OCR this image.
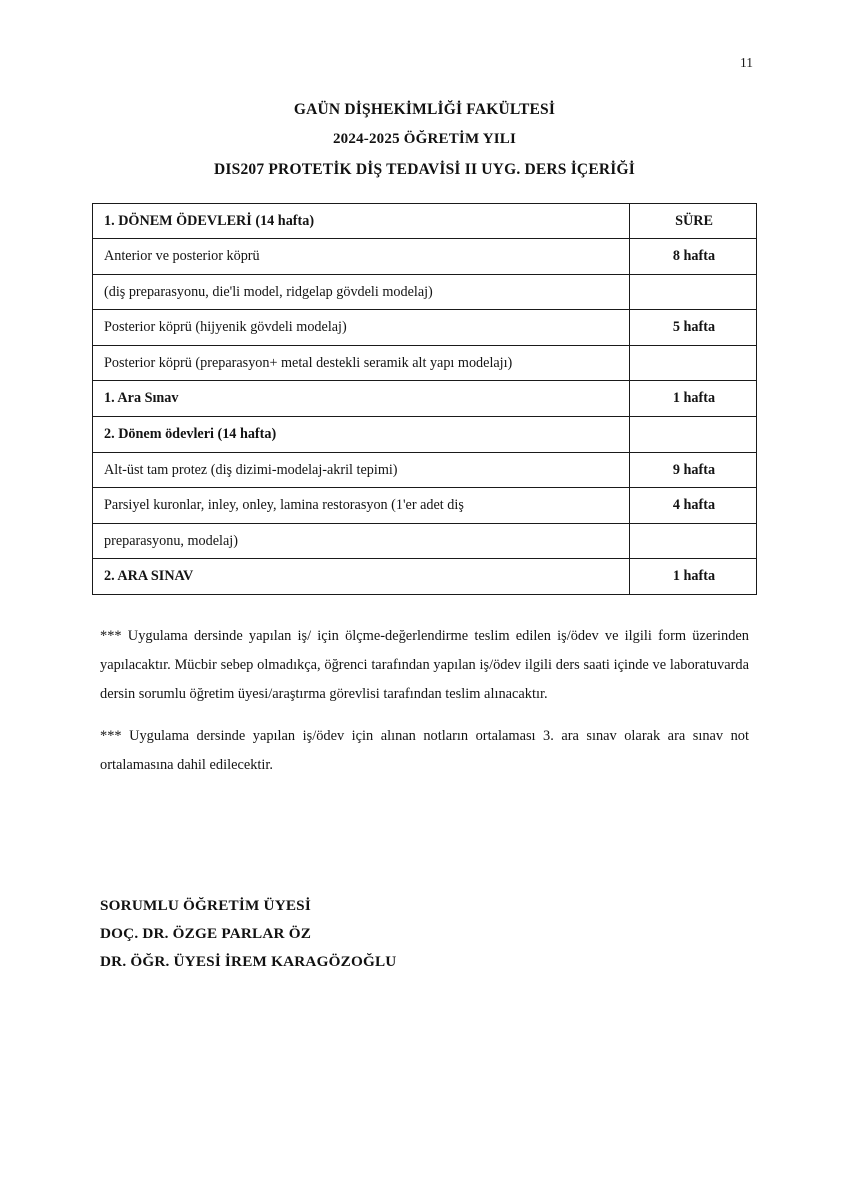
11
GAÜN DİŞHEKİMLİĞİ FAKÜLTESİ
2024-2025 ÖĞRETİM YILI
DIS207 PROTETİK DİŞ TEDAVİSİ II UYG. DERS İÇERİĞİ
1. DÖNEM ÖDEVLERİ (14 hafta)	SÜRE
Anterior ve posterior köprü	8 hafta
(diş preparasyonu, die'li model, ridgelap gövdeli modelaj)	
Posterior köprü (hijyenik gövdeli modelaj)	5 hafta
Posterior köprü (preparasyon+ metal destekli seramik alt yapı modelajı)	
1. Ara Sınav	1 hafta
2. Dönem ödevleri (14 hafta)	
Alt-üst tam protez (diş dizimi-modelaj-akril tepimi)	9 hafta
Parsiyel kuronlar, inley, onley, lamina restorasyon (1'er adet diş	4 hafta
preparasyonu, modelaj)	
2. ARA SINAV	1 hafta

*** Uygulama dersinde yapılan iş/ için ölçme-değerlendirme teslim edilen iş/ödev ve ilgili form üzerinden yapılacaktır. Mücbir sebep olmadıkça, öğrenci tarafından yapılan iş/ödev ilgili ders saati içinde ve laboratuvarda dersin sorumlu öğretim üyesi/araştırma görevlisi tarafından teslim alınacaktır.

*** Uygulama dersinde yapılan iş/ödev için alınan notların ortalaması 3. ara sınav olarak ara sınav not ortalamasına dahil edilecektir.

SORUMLU ÖĞRETİM ÜYESİ
DOÇ. DR. ÖZGE PARLAR ÖZ
DR. ÖĞR. ÜYESİ İREM KARAGÖZOĞLU
